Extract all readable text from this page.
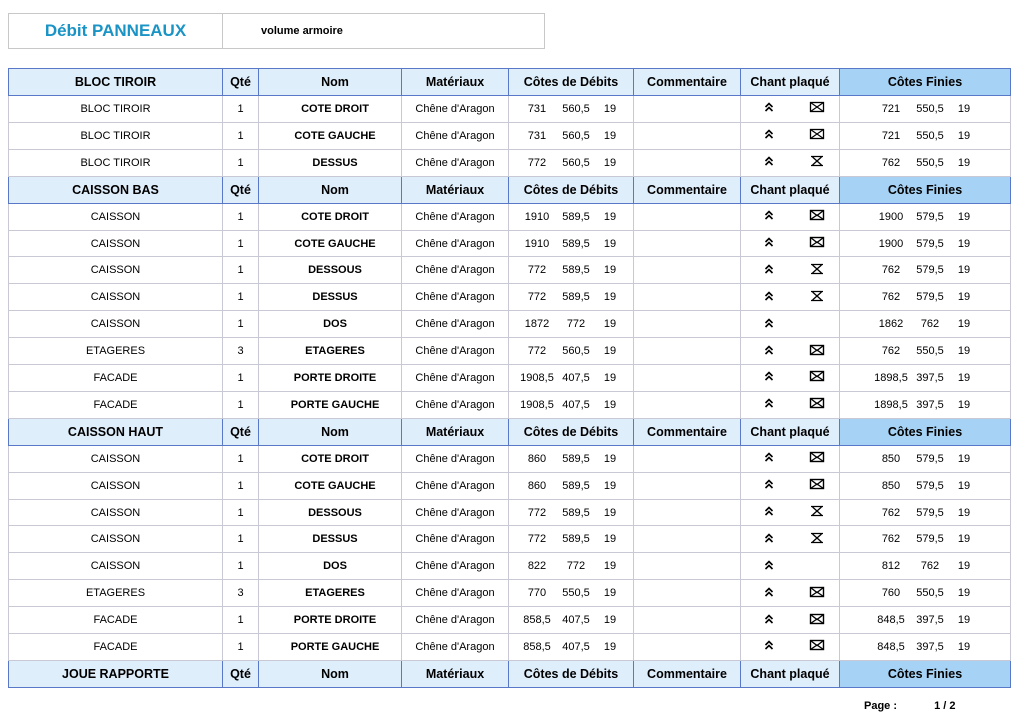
Débit PANNEAUX	volume armoire
BLOC TIROIR	Qté	Nom	Matériaux	Côtes de Débits	Commentaire	Chant plaqué	Côtes Finies
BLOC TIROIR	1	COTE DROIT	Chêne d'Aragon	731 560,5 19			721 550,5 19

BLOC TIROIR	1	COTE GAUCHE	Chêne d'Aragon	731 560,5 19			721 550,5 19

BLOC TIROIR	1	DESSUS	Chêne d'Aragon	772 560,5 19			762 550,5 19

CAISSON BAS	Qté	Nom	Matériaux	Côtes de Débits	Commentaire	Chant plaqué	Côtes Finies
CAISSON	1	COTE DROIT	Chêne d'Aragon	1910 589,5 19			1900 579,5 19

CAISSON	1	COTE GAUCHE	Chêne d'Aragon	1910 589,5 19			1900 579,5 19

CAISSON	1	DESSOUS	Chêne d'Aragon	772 589,5 19			762 579,5 19

CAISSON	1	DESSUS	Chêne d'Aragon	772 589,5 19			762 579,5 19

CAISSON	1	DOS	Chêne d'Aragon	1872 772 19			1862 762 19

ETAGERES	3	ETAGERES	Chêne d'Aragon	772 560,5 19			762 550,5 19

FACADE	1	PORTE DROITE	Chêne d'Aragon	1908,5 407,5 19			1898,5 397,5 19

FACADE	1	PORTE GAUCHE	Chêne d'Aragon	1908,5 407,5 19			1898,5 397,5 19

CAISSON HAUT	Qté	Nom	Matériaux	Côtes de Débits	Commentaire	Chant plaqué	Côtes Finies
CAISSON	1	COTE DROIT	Chêne d'Aragon	860 589,5 19			850 579,5 19

CAISSON	1	COTE GAUCHE	Chêne d'Aragon	860 589,5 19			850 579,5 19

CAISSON	1	DESSOUS	Chêne d'Aragon	772 589,5 19			762 579,5 19

CAISSON	1	DESSUS	Chêne d'Aragon	772 589,5 19			762 579,5 19

CAISSON	1	DOS	Chêne d'Aragon	822 772 19			812 762 19

ETAGERES	3	ETAGERES	Chêne d'Aragon	770 550,5 19			760 550,5 19

FACADE	1	PORTE DROITE	Chêne d'Aragon	858,5 407,5 19			848,5 397,5 19

FACADE	1	PORTE GAUCHE	Chêne d'Aragon	858,5 407,5 19			848,5 397,5 19

JOUE RAPPORTE	Qté	Nom	Matériaux	Côtes de Débits	Commentaire	Chant plaqué	Côtes Finies
Page :	1 / 2
